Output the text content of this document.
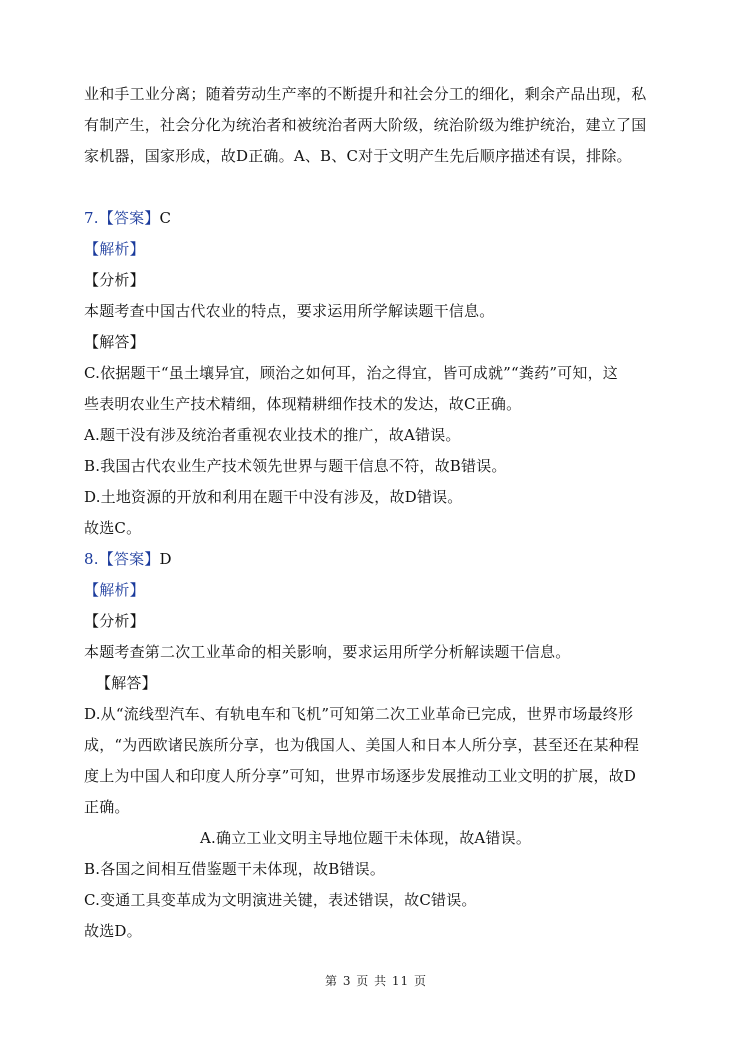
业和手工业分离；随着劳动生产率的不断提升和社会分工的细化，剩余产品出现，私
有制产生，社会分化为统治者和被统治者两大阶级，统治阶级为维护统治，建立了国
家机器，国家形成，故D正确。A、B、C对于文明产生先后顺序描述有误，排除。
7.【答案】C
【解析】
【分析】
本题考查中国古代农业的特点，要求运用所学解读题干信息。
【解答】
C.依据题干“虽土壤异宜，顾治之如何耳，治之得宜，皆可成就”“粪药”可知，这
些表明农业生产技术精细，体现精耕细作技术的发达，故C正确。
A.题干没有涉及统治者重视农业技术的推广，故A错误。
B.我国古代农业生产技术领先世界与题干信息不符，故B错误。
D.土地资源的开放和利用在题干中没有涉及，故D错误。
故选C。
8.【答案】D
【解析】
【分析】
本题考查第二次工业革命的相关影响，要求运用所学分析解读题干信息。
【解答】
D.从“流线型汽车、有轨电车和飞机”可知第二次工业革命已完成，世界市场最终形
成，“为西欧诸民族所分享，也为俄国人、美国人和日本人所分享，甚至还在某种程
度上为中国人和印度人所分享”可知，世界市场逐步发展推动工业文明的扩展，故D
正确。
A.确立工业文明主导地位题干未体现，故A错误。
B.各国之间相互借鉴题干未体现，故B错误。
C.变通工具变革成为文明演进关键，表述错误，故C错误。
故选D。
第 3 页 共 11 页
